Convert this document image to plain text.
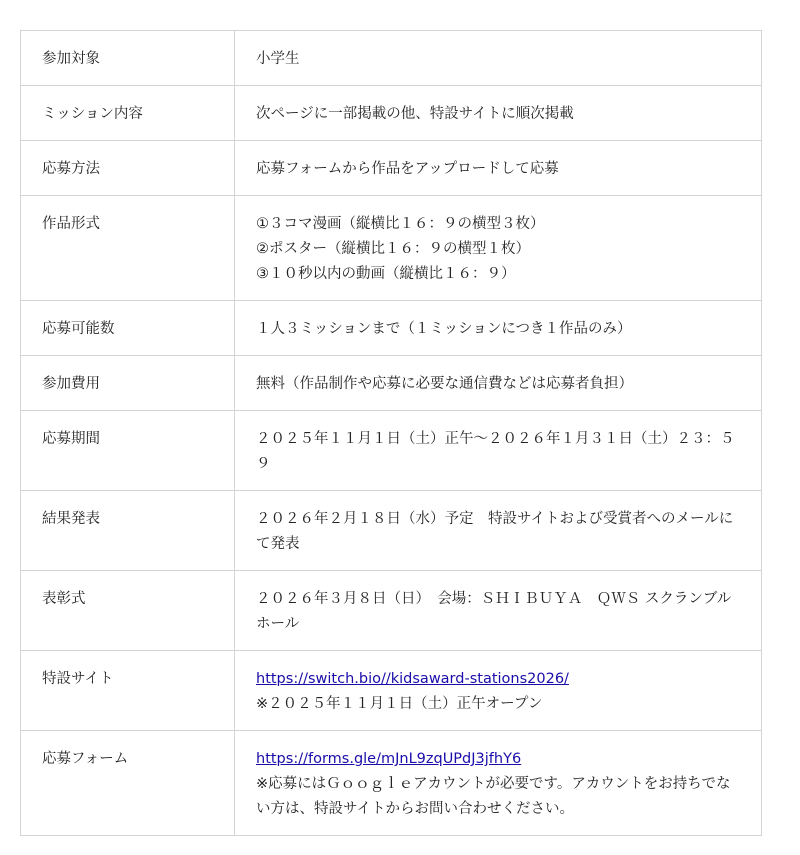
参加対象	小学生

ミッション内容	次ページに一部掲載の他、特設サイトに順次掲載

応募方法	応募フォームから作品をアップロードして応募

作品形式	①３コマ漫画（縦横比１６：９の横型３枚）
②ポスター（縦横比１６：９の横型１枚）
③１０秒以内の動画（縦横比１６：９）

応募可能数	１人３ミッションまで（１ミッションにつき１作品のみ）

参加費用	無料（作品制作や応募に必要な通信費などは応募者負担）

応募期間	２０２５年１１月１日（土）正午〜２０２６年１月３１日（土）２３：５９

結果発表	２０２６年２月１８日（水）予定　特設サイトおよび受賞者へのメールにて発表

表彰式	２０２６年３月８日（日）　会場：ＳＨＩＢＵＹＡ　ＱＷＳ スクランブルホール

特設サイト	https://switch.bio//kidsaward-stations2026/
※２０２５年１１月１日（土）正午オープン

応募フォーム	https://forms.gle/mJnL9zqUPdJ3jfhY6
※応募にはＧｏｏｇｌｅアカウントが必要です。アカウントをお持ちでない方は、特設サイトからお問い合わせください。
